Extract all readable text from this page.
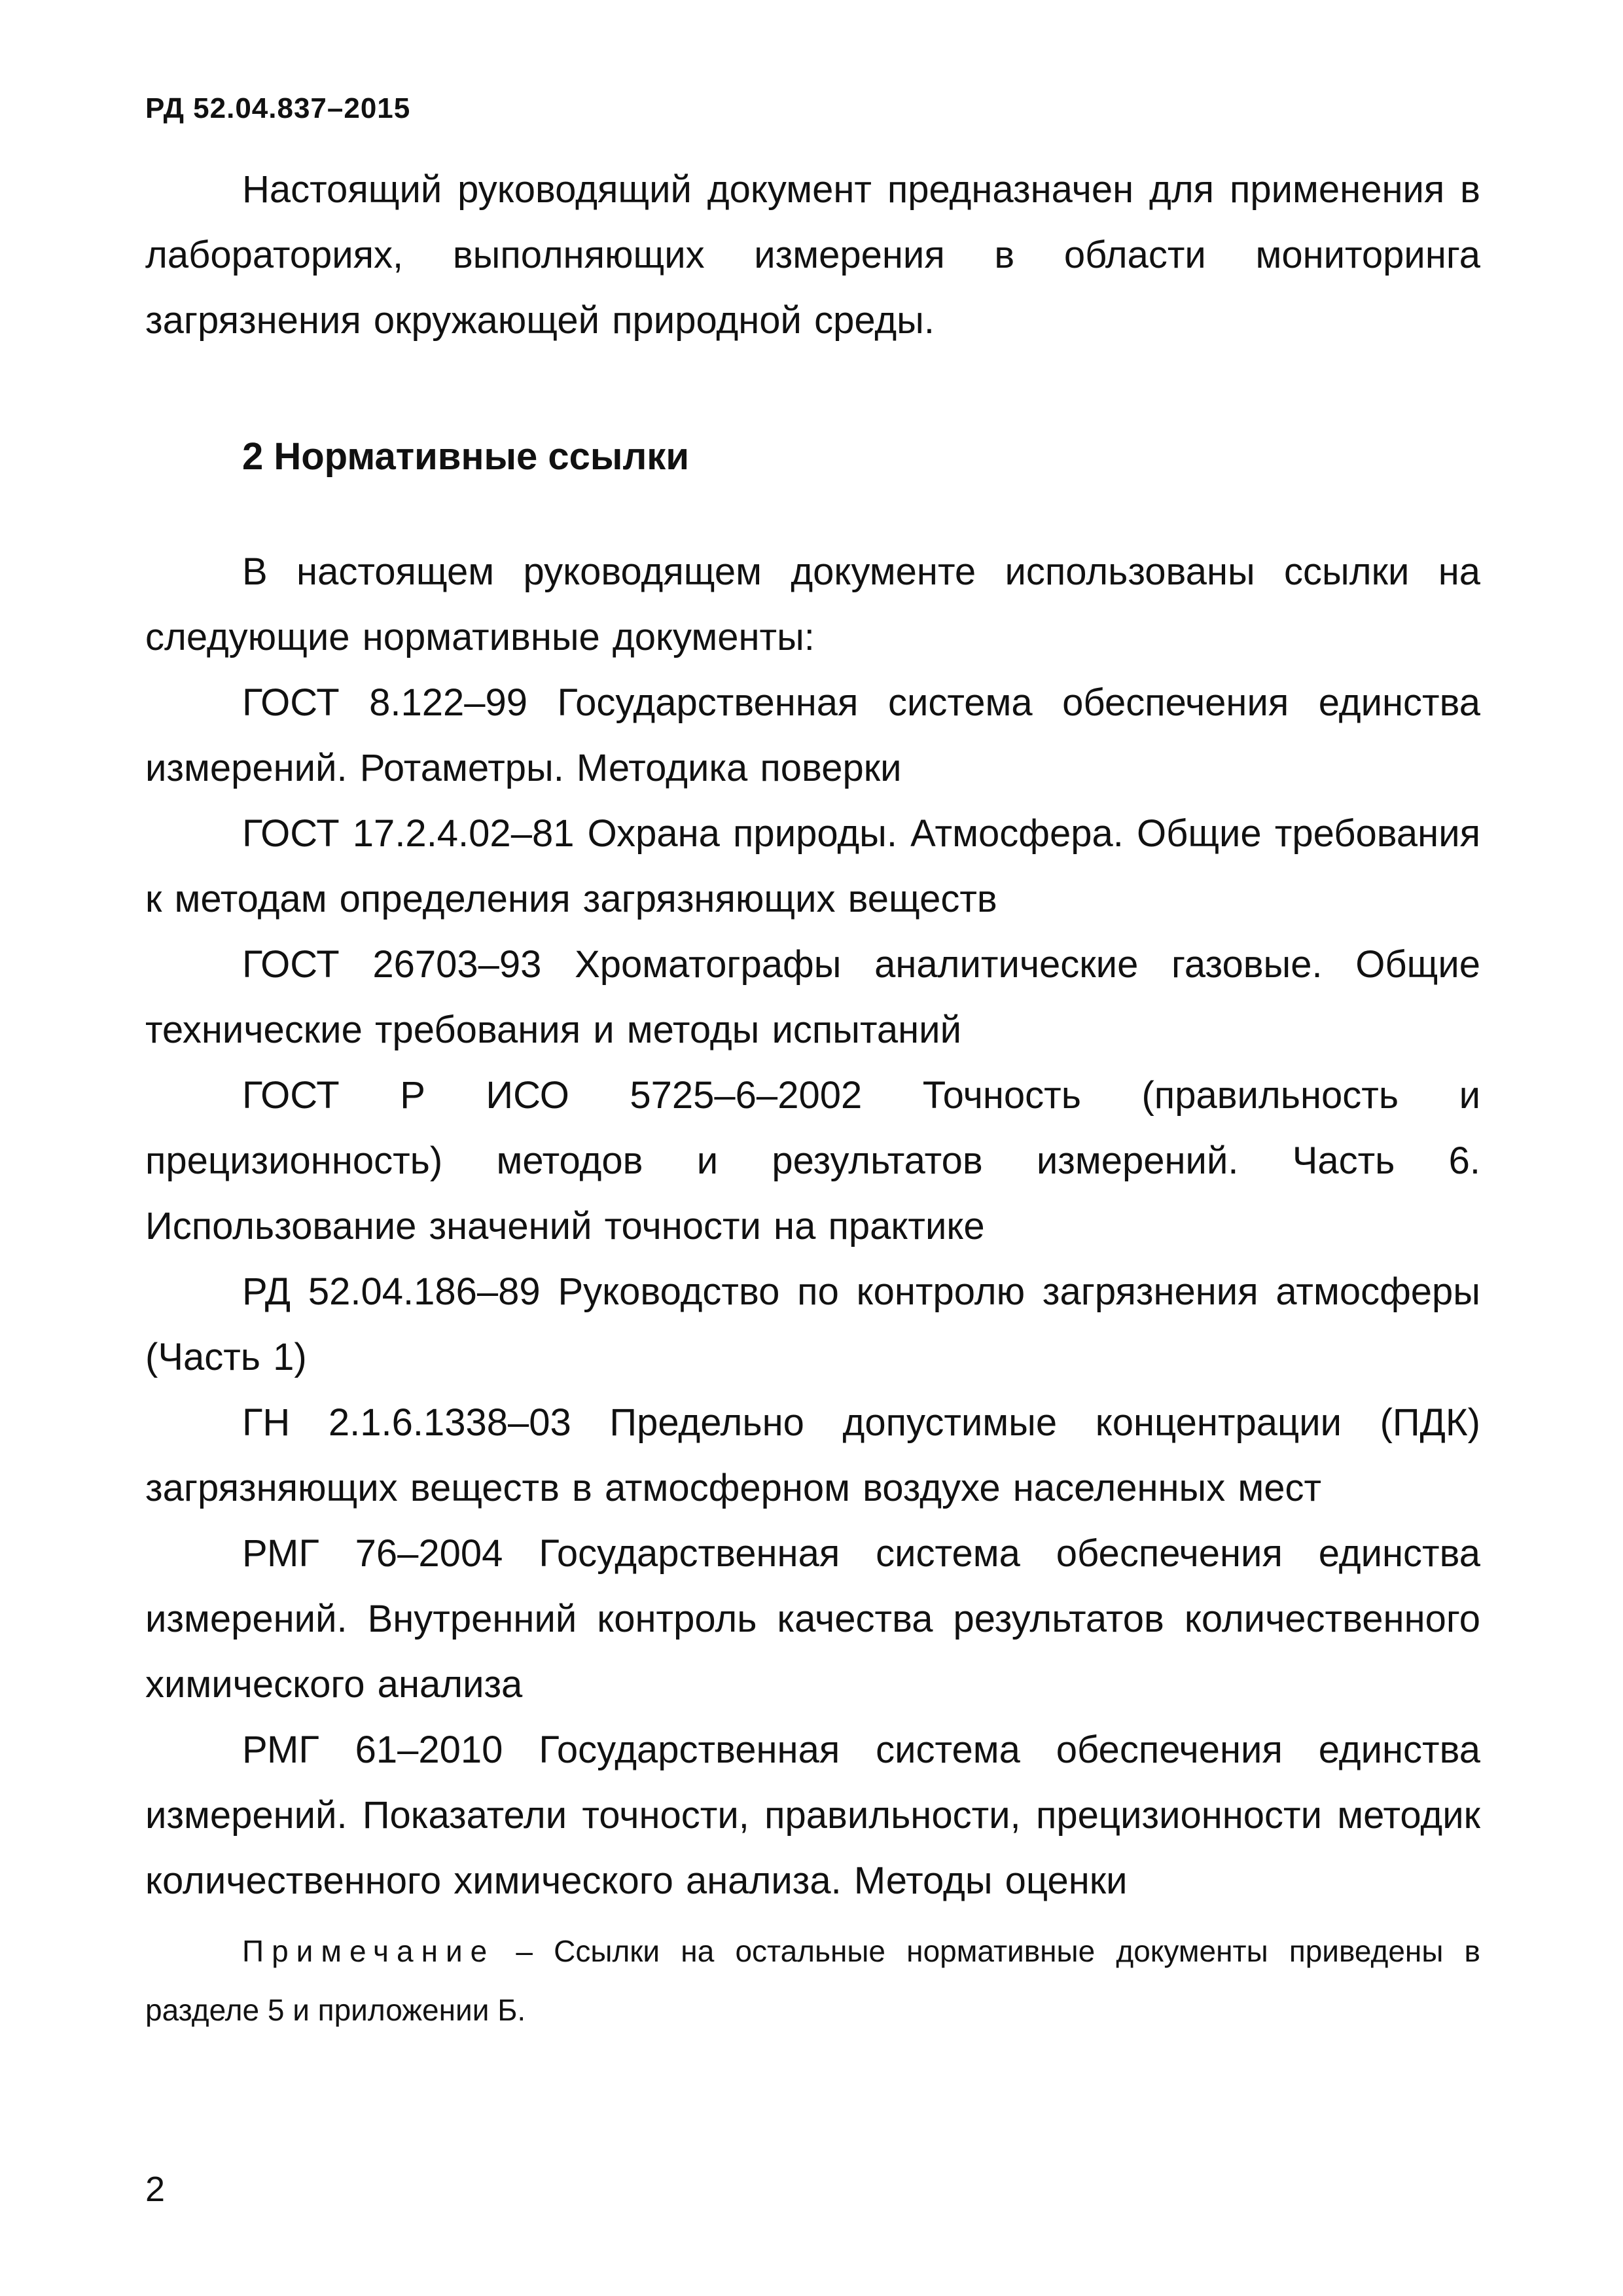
РД 52.04.837–2015

Настоящий руководящий документ предназначен для применения в лабораториях, выполняющих измерения в области мониторинга загрязнения окружающей природной среды.

2 Нормативные ссылки

В настоящем руководящем документе использованы ссылки на следующие нормативные документы:

ГОСТ 8.122–99 Государственная система обеспечения единства измерений. Ротаметры. Методика поверки

ГОСТ 17.2.4.02–81 Охрана природы. Атмосфера. Общие требования к методам определения загрязняющих веществ

ГОСТ 26703–93 Хроматографы аналитические газовые. Общие технические требования и методы испытаний

ГОСТ Р ИСО 5725–6–2002 Точность (правильность и прецизионность) методов и результатов измерений. Часть 6. Использование значений точности на практике

РД 52.04.186–89 Руководство по контролю загрязнения атмосферы (Часть 1)

ГН 2.1.6.1338–03 Предельно допустимые концентрации (ПДК) загрязняющих веществ в атмосферном воздухе населенных мест

РМГ 76–2004 Государственная система обеспечения единства измерений. Внутренний контроль качества результатов количественного химического анализа

РМГ 61–2010 Государственная система обеспечения единства измерений. Показатели точности, правильности, прецизионности методик количественного химического анализа. Методы оценки

Примечание – Ссылки на остальные нормативные документы приведены в разделе 5 и приложении Б.

2
